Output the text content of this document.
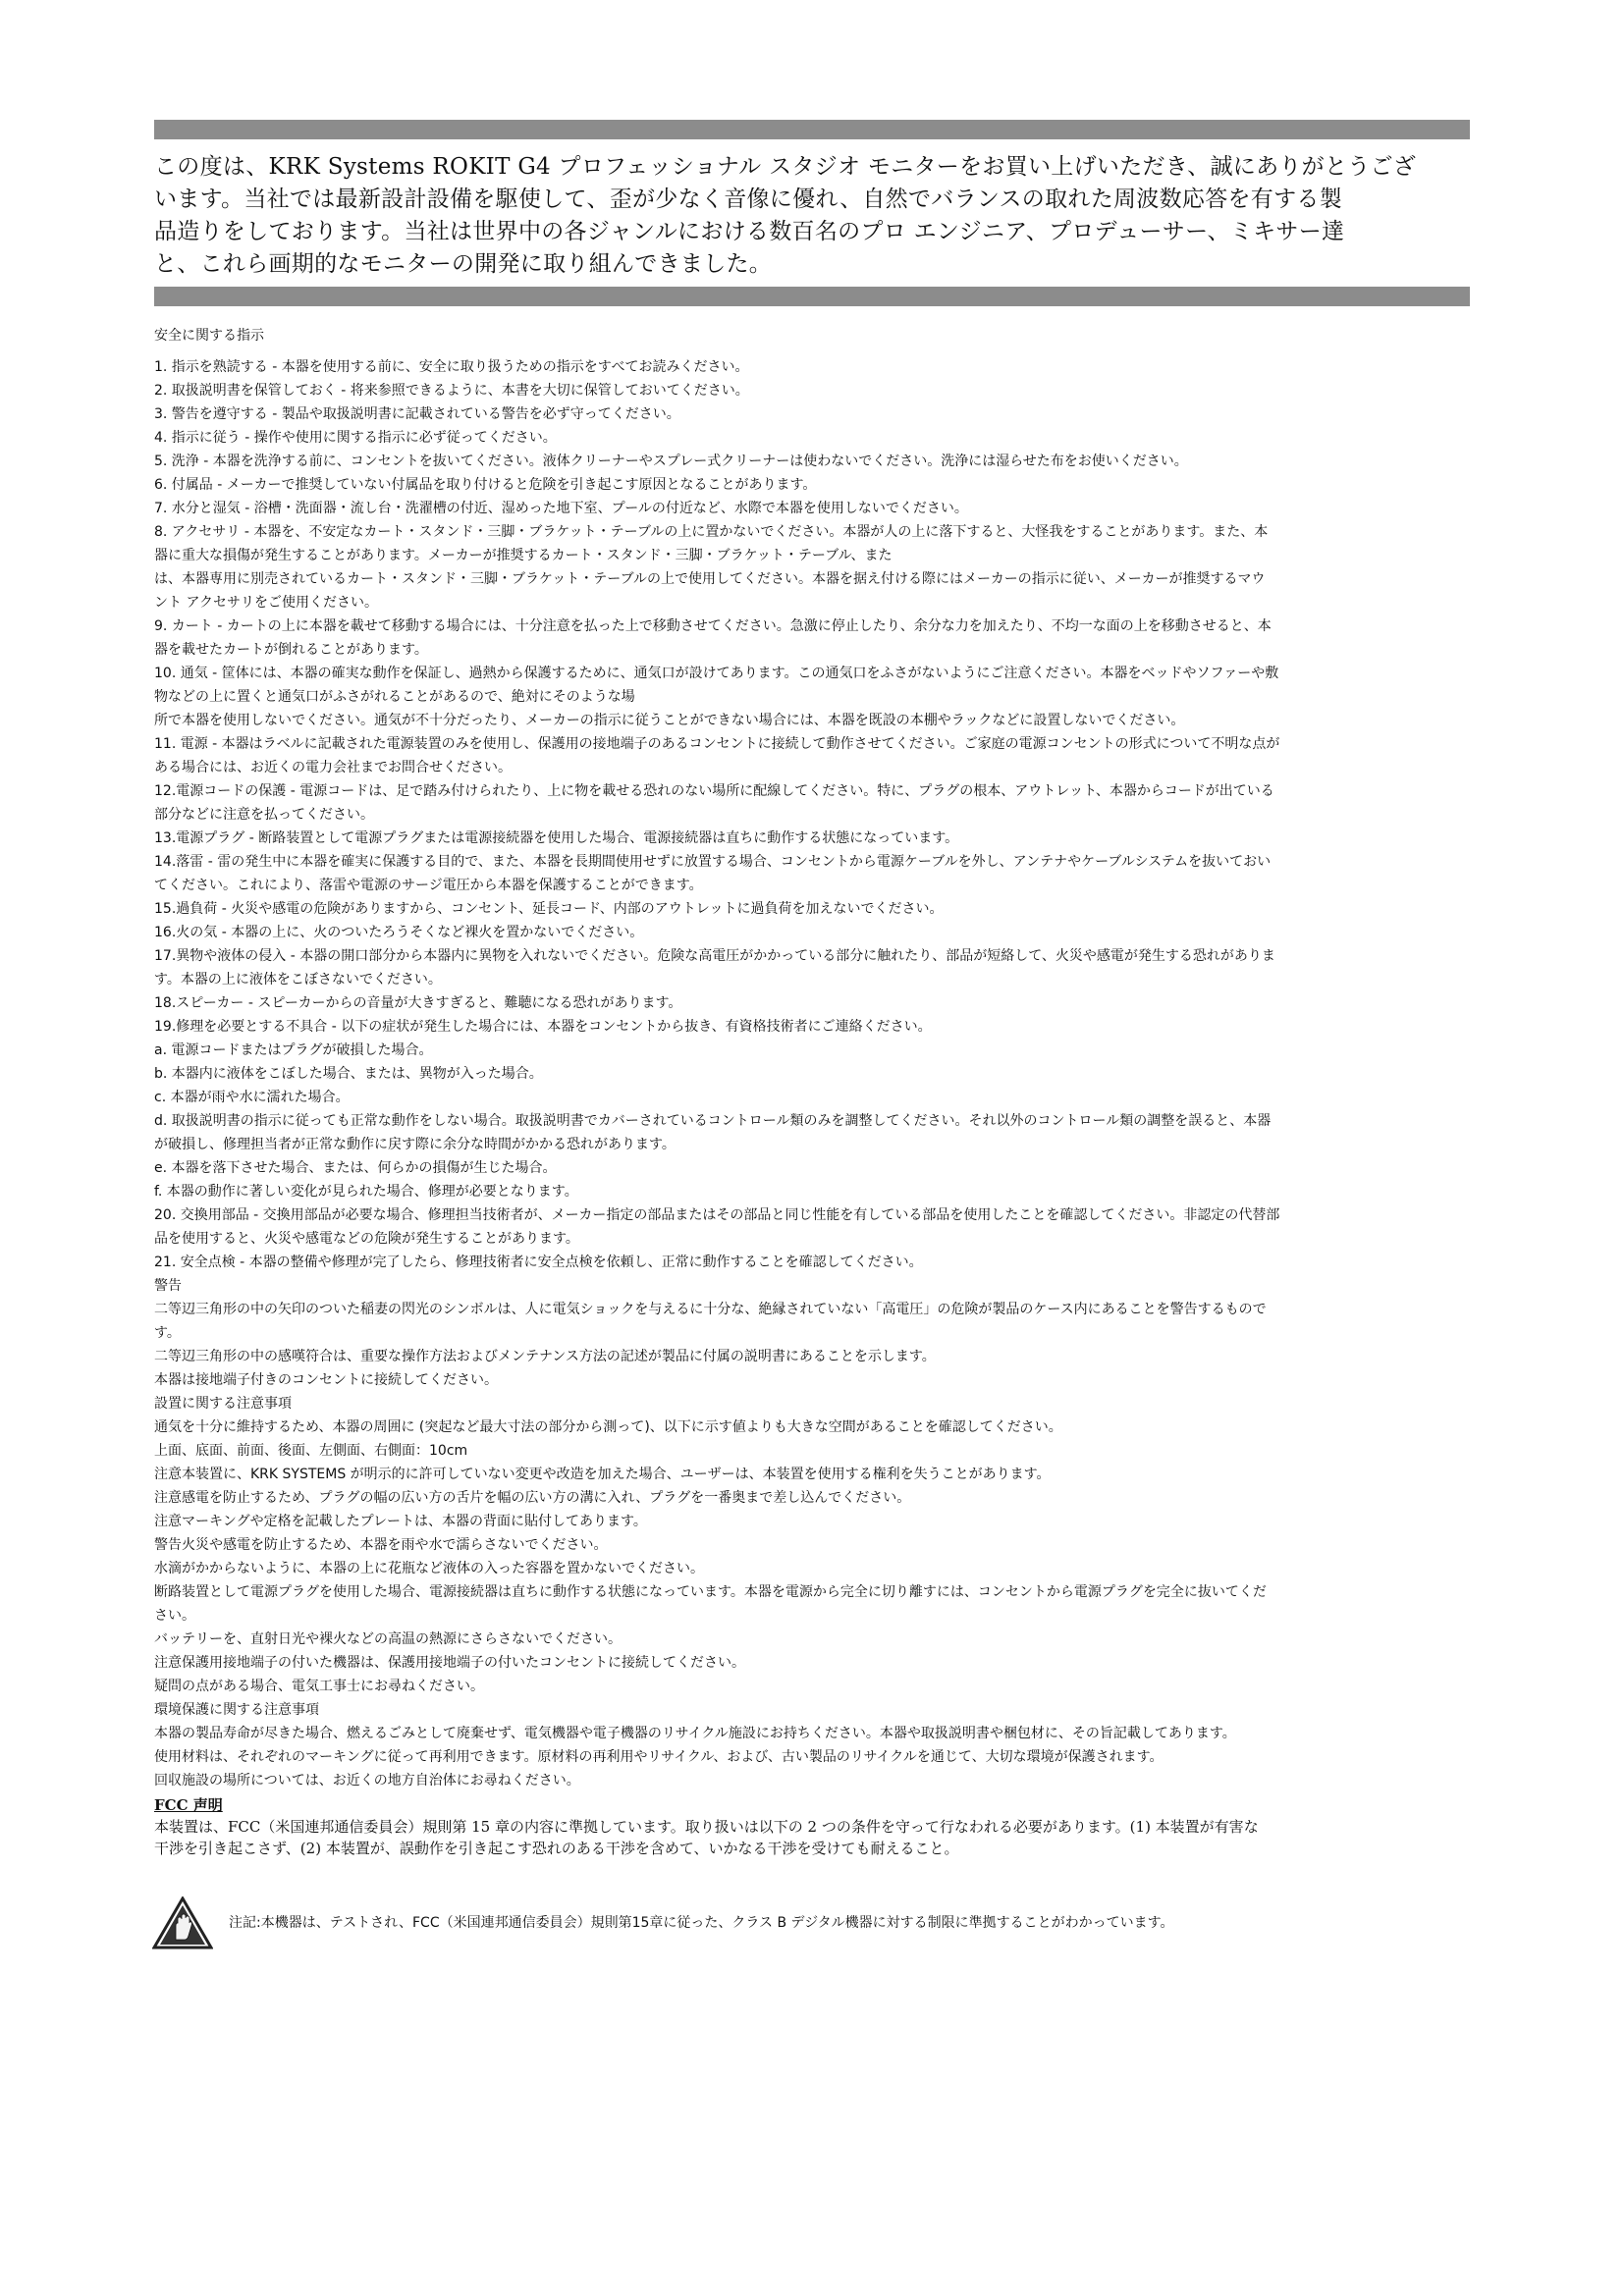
この度は、KRK Systems ROKIT G4 プロフェッショナル スタジオ モニターをお買い上げいただき、誠にありがとうござ
います。当社では最新設計設備を駆使して、歪が少なく音像に優れ、自然でバランスの取れた周波数応答を有する製
品造りをしております。当社は世界中の各ジャンルにおける数百名のプロ エンジニア、プロデューサー、ミキサー達
と、これら画期的なモニターの開発に取り組んできました。
安全に関する指示
1. 指示を熟読する - 本器を使用する前に、安全に取り扱うための指示をすべてお読みください。
2. 取扱説明書を保管しておく - 将来参照できるように、本書を大切に保管しておいてください。
3. 警告を遵守する - 製品や取扱説明書に記載されている警告を必ず守ってください。
4. 指示に従う - 操作や使用に関する指示に必ず従ってください。
5. 洗浄 - 本器を洗浄する前に、コンセントを抜いてください。液体クリーナーやスプレー式クリーナーは使わないでください。洗浄には湿らせた布をお使いください。
6. 付属品 - メーカーで推奨していない付属品を取り付けると危険を引き起こす原因となることがあります。
7. 水分と湿気 - 浴槽・洗面器・流し台・洗濯槽の付近、湿めった地下室、プールの付近など、水際で本器を使用しないでください。
8. アクセサリ - 本器を、不安定なカート・スタンド・三脚・ブラケット・テーブルの上に置かないでください。本器が人の上に落下すると、大怪我をすることがあります。また、本
器に重大な損傷が発生することがあります。メーカーが推奨するカート・スタンド・三脚・ブラケット・テーブル、また
は、本器専用に別売されているカート・スタンド・三脚・ブラケット・テーブルの上で使用してください。本器を据え付ける際にはメーカーの指示に従い、メーカーが推奨するマウ
ント アクセサリをご使用ください。
9. カート - カートの上に本器を載せて移動する場合には、十分注意を払った上で移動させてください。急激に停止したり、余分な力を加えたり、不均一な面の上を移動させると、本
器を載せたカートが倒れることがあります。
10. 通気 - 筐体には、本器の確実な動作を保証し、過熱から保護するために、通気口が設けてあります。この通気口をふさがないようにご注意ください。本器をベッドやソファーや敷
物などの上に置くと通気口がふさがれることがあるので、絶対にそのような場
所で本器を使用しないでください。通気が不十分だったり、メーカーの指示に従うことができない場合には、本器を既設の本棚やラックなどに設置しないでください。
11. 電源 - 本器はラベルに記載された電源装置のみを使用し、保護用の接地端子のあるコンセントに接続して動作させてください。ご家庭の電源コンセントの形式について不明な点が
ある場合には、お近くの電力会社までお問合せください。
12.電源コードの保護 - 電源コードは、足で踏み付けられたり、上に物を載せる恐れのない場所に配線してください。特に、プラグの根本、アウトレット、本器からコードが出ている
部分などに注意を払ってください。
13.電源プラグ - 断路装置として電源プラグまたは電源接続器を使用した場合、電源接続器は直ちに動作する状態になっています。
14.落雷 - 雷の発生中に本器を確実に保護する目的で、また、本器を長期間使用せずに放置する場合、コンセントから電源ケーブルを外し、アンテナやケーブルシステムを抜いておい
てください。これにより、落雷や電源のサージ電圧から本器を保護することができます。
15.過負荷 - 火災や感電の危険がありますから、コンセント、延長コード、内部のアウトレットに過負荷を加えないでください。
16.火の気 - 本器の上に、火のついたろうそくなど裸火を置かないでください。
17.異物や液体の侵入 - 本器の開口部分から本器内に異物を入れないでください。危険な高電圧がかかっている部分に触れたり、部品が短絡して、火災や感電が発生する恐れがありま
す。本器の上に液体をこぼさないでください。
18.スピーカー - スピーカーからの音量が大きすぎると、難聴になる恐れがあります。
19.修理を必要とする不具合 - 以下の症状が発生した場合には、本器をコンセントから抜き、有資格技術者にご連絡ください。
a. 電源コードまたはプラグが破損した場合。
b. 本器内に液体をこぼした場合、または、異物が入った場合。
c. 本器が雨や水に濡れた場合。
d. 取扱説明書の指示に従っても正常な動作をしない場合。取扱説明書でカバーされているコントロール類のみを調整してください。それ以外のコントロール類の調整を誤ると、本器
が破損し、修理担当者が正常な動作に戻す際に余分な時間がかかる恐れがあります。
e. 本器を落下させた場合、または、何らかの損傷が生じた場合。
f. 本器の動作に著しい変化が見られた場合、修理が必要となります。
20. 交換用部品 - 交換用部品が必要な場合、修理担当技術者が、メーカー指定の部品またはその部品と同じ性能を有している部品を使用したことを確認してください。非認定の代替部
品を使用すると、火災や感電などの危険が発生することがあります。
21. 安全点検 - 本器の整備や修理が完了したら、修理技術者に安全点検を依頼し、正常に動作することを確認してください。
警告
二等辺三角形の中の矢印のついた稲妻の閃光のシンボルは、人に電気ショックを与えるに十分な、絶縁されていない「高電圧」の危険が製品のケース内にあることを警告するもので
す。
二等辺三角形の中の感嘆符合は、重要な操作方法およびメンテナンス方法の記述が製品に付属の説明書にあることを示します。
本器は接地端子付きのコンセントに接続してください。
設置に関する注意事項
通気を十分に維持するため、本器の周囲に (突起など最大寸法の部分から測って)、以下に示す値よりも大きな空間があることを確認してください。
上面、底面、前面、後面、左側面、右側面：10cm
注意本装置に、KRK SYSTEMS が明示的に許可していない変更や改造を加えた場合、ユーザーは、本装置を使用する権利を失うことがあります。
注意感電を防止するため、プラグの幅の広い方の舌片を幅の広い方の溝に入れ、プラグを一番奥まで差し込んでください。
注意マーキングや定格を記載したプレートは、本器の背面に貼付してあります。
警告火災や感電を防止するため、本器を雨や水で濡らさないでください。
水滴がかからないように、本器の上に花瓶など液体の入った容器を置かないでください。
断路装置として電源プラグを使用した場合、電源接続器は直ちに動作する状態になっています。本器を電源から完全に切り離すには、コンセントから電源プラグを完全に抜いてくだ
さい。
バッテリーを、直射日光や裸火などの高温の熱源にさらさないでください。
注意保護用接地端子の付いた機器は、保護用接地端子の付いたコンセントに接続してください。
疑問の点がある場合、電気工事士にお尋ねください。
環境保護に関する注意事項
本器の製品寿命が尽きた場合、燃えるごみとして廃棄せず、電気機器や電子機器のリサイクル施設にお持ちください。本器や取扱説明書や梱包材に、その旨記載してあります。
使用材料は、それぞれのマーキングに従って再利用できます。原材料の再利用やリサイクル、および、古い製品のリサイクルを通じて、大切な環境が保護されます。
回収施設の場所については、お近くの地方自治体にお尋ねください。
FCC 声明
本装置は、FCC（米国連邦通信委員会）規則第 15 章の内容に準拠しています。取り扱いは以下の 2 つの条件を守って行なわれる必要があります。(1) 本装置が有害な
干渉を引き起こさず、(2) 本装置が、誤動作を引き起こす恐れのある干渉を含めて、いかなる干渉を受けても耐えること。
注記:本機器は、テストされ、FCC（米国連邦通信委員会）規則第15章に従った、クラス B デジタル機器に対する制限に準拠することがわかっています。
